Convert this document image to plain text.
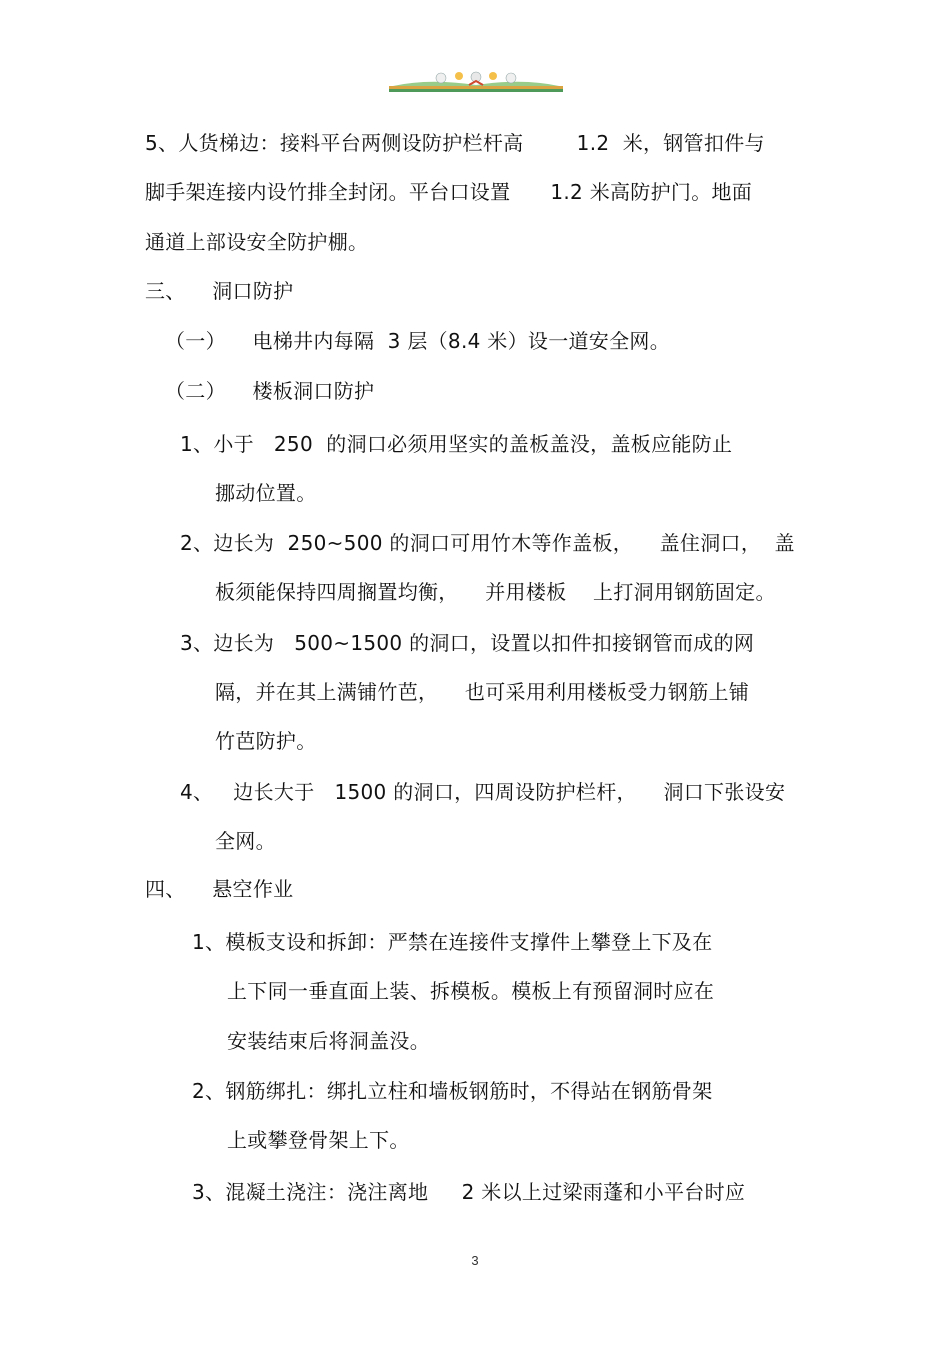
5、人货梯边：接料平台两侧设防护栏杆高        1.2  米，钢管扣件与
脚手架连接内设竹排全封闭。平台口设置      1.2 米高防护门。地面
通道上部设安全防护棚。
三、    洞口防护
（一）    电梯井内每隔  3 层（8.4 米）设一道安全网。
（二）    楼板洞口防护
1、小于   250  的洞口必须用坚实的盖板盖没，盖板应能防止
挪动位置。
2、边长为  250~500 的洞口可用竹木等作盖板，    盖住洞口，  盖
板须能保持四周搁置均衡，    并用楼板    上打洞用钢筋固定。
3、边长为   500~1500 的洞口，设置以扣件扣接钢管而成的网
隔，并在其上满铺竹芭，    也可采用利用楼板受力钢筋上铺
竹芭防护。
4、   边长大于   1500 的洞口，四周设防护栏杆，    洞口下张设安
全网。
四、    悬空作业
1、模板支设和拆卸：严禁在连接件支撑件上攀登上下及在
上下同一垂直面上装、拆模板。模板上有预留洞时应在
安装结束后将洞盖没。
2、钢筋绑扎：绑扎立柱和墙板钢筋时，不得站在钢筋骨架
上或攀登骨架上下。
3、混凝土浇注：浇注离地     2 米以上过梁雨蓬和小平台时应
3
